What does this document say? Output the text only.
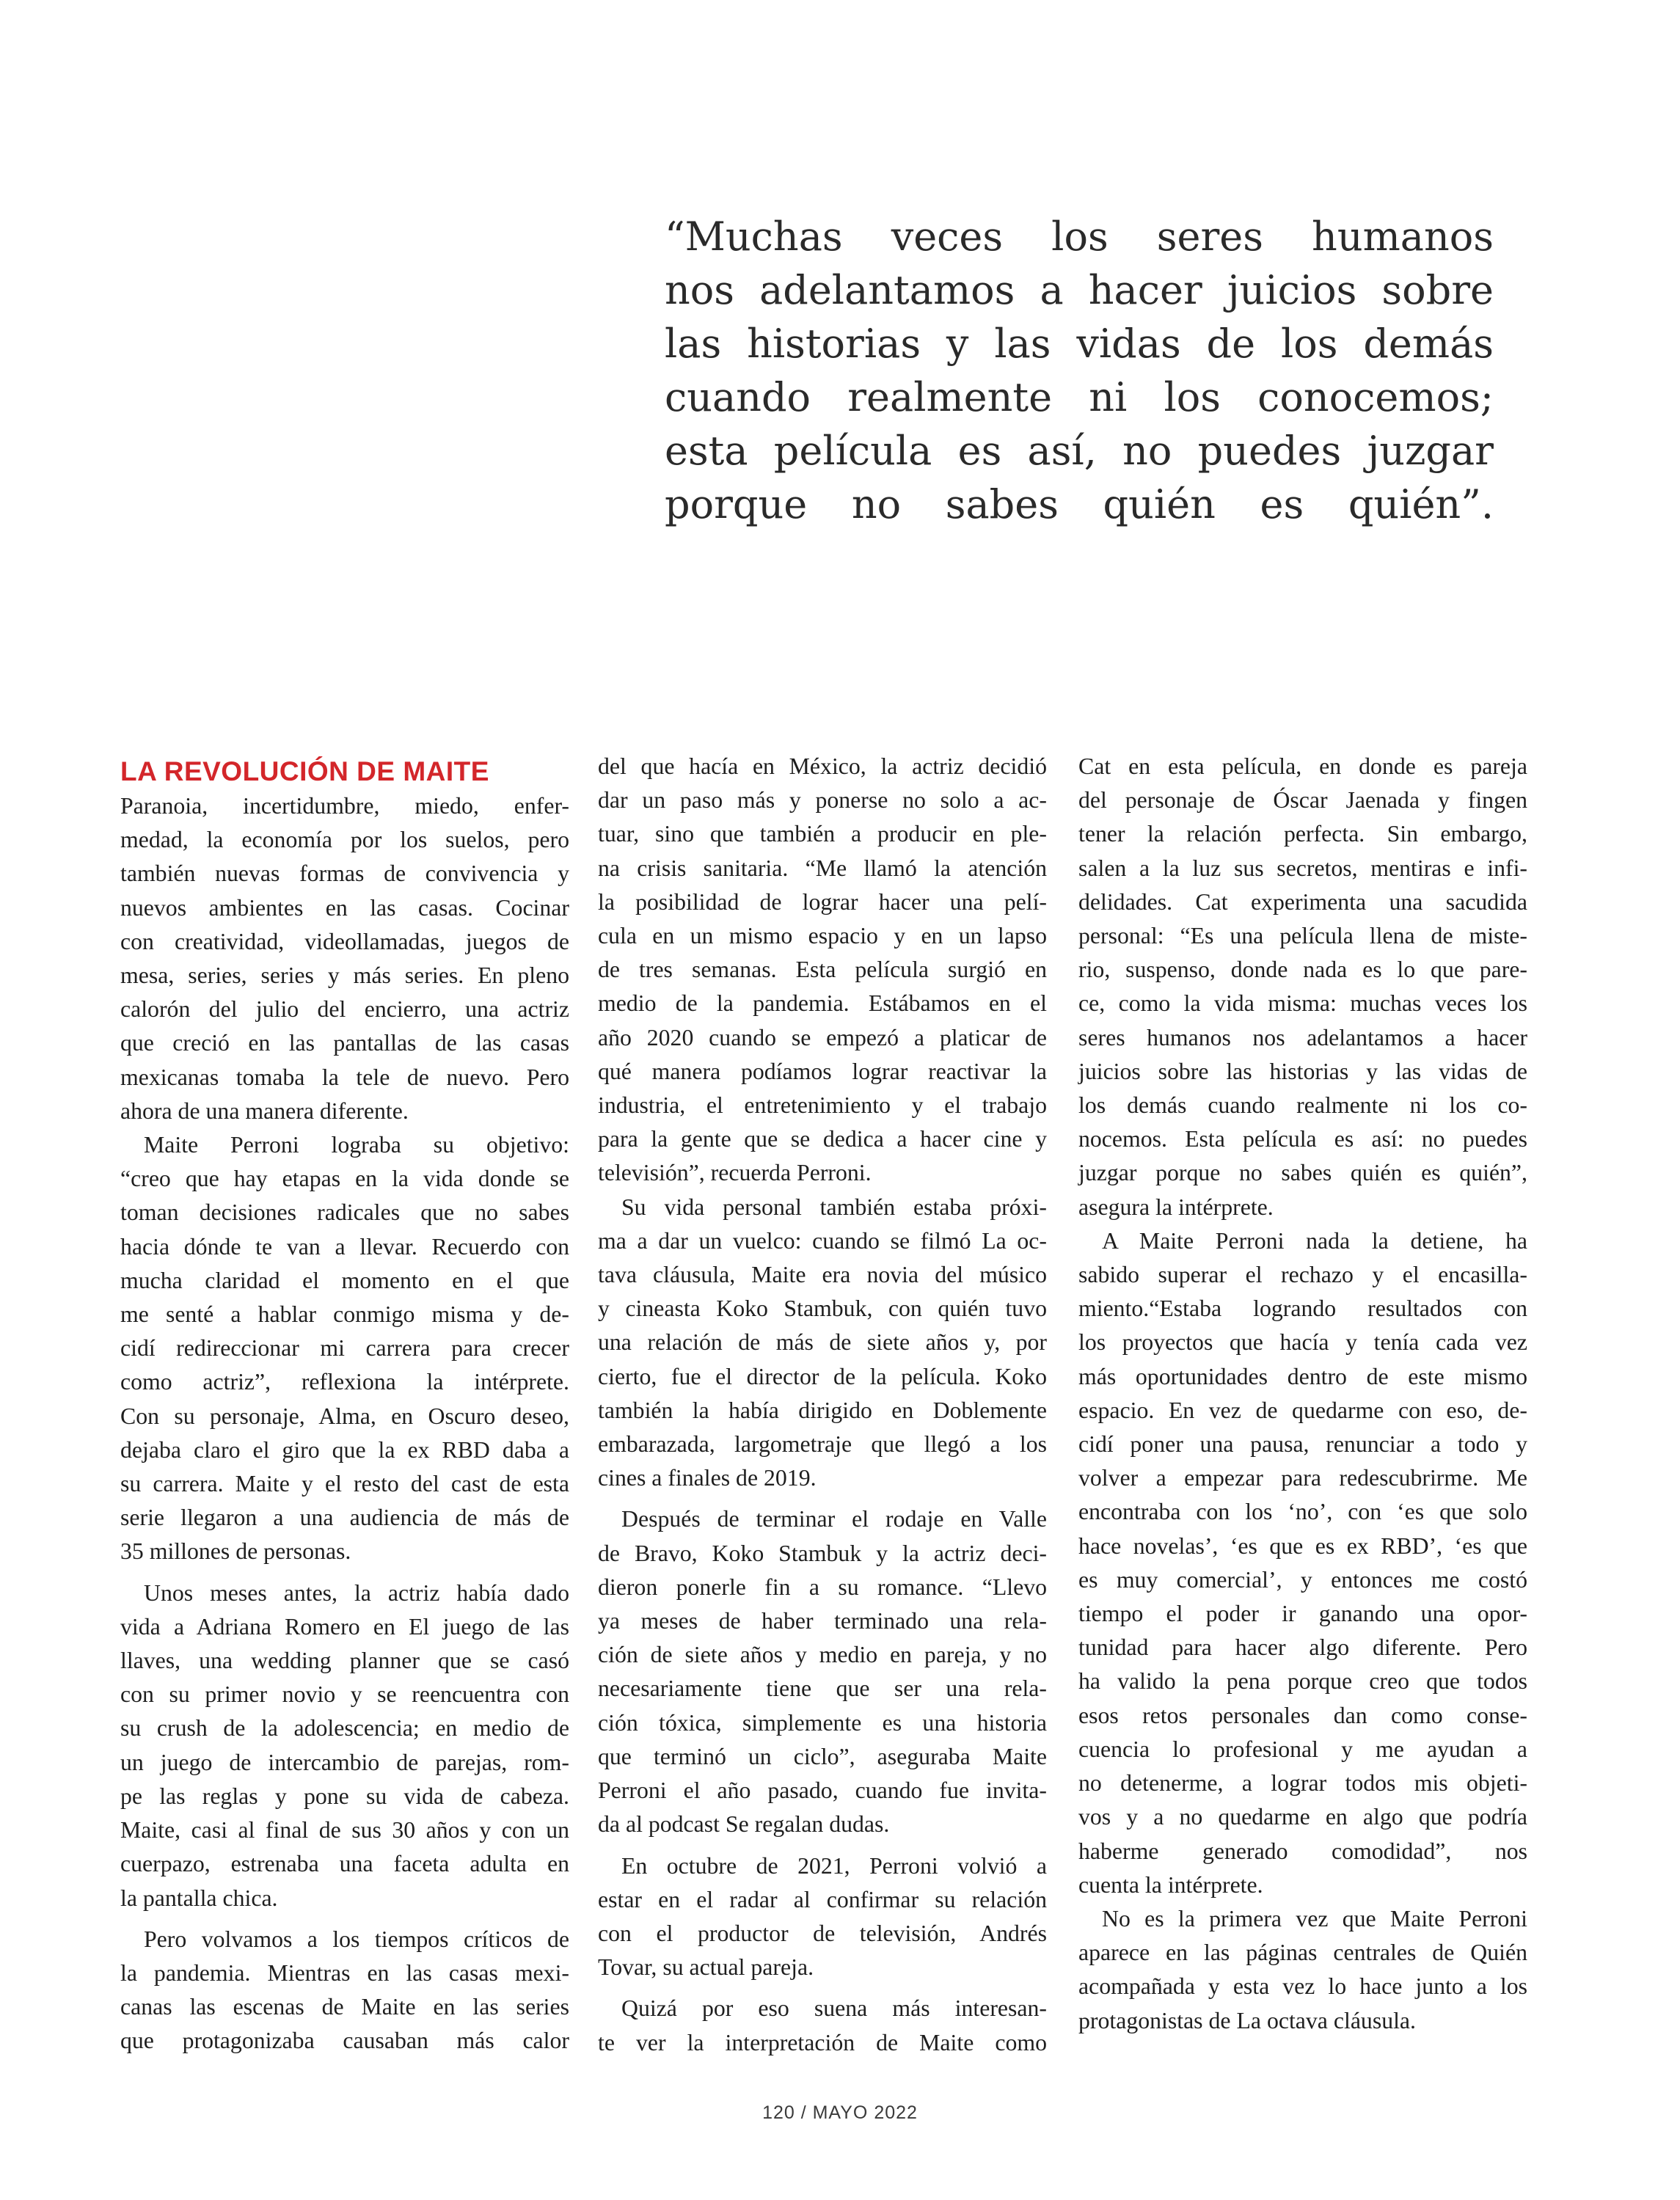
“Muchas veces los seres humanos
nos adelantamos a hacer juicios sobre
las historias y las vidas de los demás
cuando realmente ni los conocemos;
esta película es así, no puedes juzgar
porque no sabes quién es quién”.
LA REVOLUCIÓN DE MAITE
Paranoia, incertidumbre, miedo, enfer-
medad, la economía por los suelos, pero
también nuevas formas de convivencia y
nuevos ambientes en las casas. Cocinar
con creatividad, videollamadas, juegos de
mesa, series, series y más series. En pleno
calorón del julio del encierro, una actriz
que creció en las pantallas de las casas
mexicanas tomaba la tele de nuevo. Pero
ahora de una manera diferente.
Maite Perroni lograba su objetivo:
“creo que hay etapas en la vida donde se
toman decisiones radicales que no sabes
hacia dónde te van a llevar. Recuerdo con
mucha claridad el momento en el que
me senté a hablar conmigo misma y de-
cidí redireccionar mi carrera para crecer
como actriz”, reflexiona la intérprete.
Con su personaje, Alma, en Oscuro deseo,
dejaba claro el giro que la ex RBD daba a
su carrera. Maite y el resto del cast de esta
serie llegaron a una audiencia de más de
35 millones de personas.
Unos meses antes, la actriz había dado
vida a Adriana Romero en El juego de las
llaves, una wedding planner que se casó
con su primer novio y se reencuentra con
su crush de la adolescencia; en medio de
un juego de intercambio de parejas, rom-
pe las reglas y pone su vida de cabeza.
Maite, casi al final de sus 30 años y con un
cuerpazo, estrenaba una faceta adulta en
la pantalla chica.
Pero volvamos a los tiempos críticos de
la pandemia. Mientras en las casas mexi-
canas las escenas de Maite en las series
que protagonizaba causaban más calor
del que hacía en México, la actriz decidió
dar un paso más y ponerse no solo a ac-
tuar, sino que también a producir en ple-
na crisis sanitaria. “Me llamó la atención
la posibilidad de lograr hacer una pelí-
cula en un mismo espacio y en un lapso
de tres semanas. Esta película surgió en
medio de la pandemia. Estábamos en el
año 2020 cuando se empezó a platicar de
qué manera podíamos lograr reactivar la
industria, el entretenimiento y el trabajo
para la gente que se dedica a hacer cine y
televisión”, recuerda Perroni.
Su vida personal también estaba próxi-
ma a dar un vuelco: cuando se filmó La oc-
tava cláusula, Maite era novia del músico
y cineasta Koko Stambuk, con quién tuvo
una relación de más de siete años y, por
cierto, fue el director de la película. Koko
también la había dirigido en Doblemente
embarazada, largometraje que llegó a los
cines a finales de 2019.
Después de terminar el rodaje en Valle
de Bravo, Koko Stambuk y la actriz deci-
dieron ponerle fin a su romance. “Llevo
ya meses de haber terminado una rela-
ción de siete años y medio en pareja, y no
necesariamente tiene que ser una rela-
ción tóxica, simplemente es una historia
que terminó un ciclo”, aseguraba Maite
Perroni el año pasado, cuando fue invita-
da al podcast Se regalan dudas.
En octubre de 2021, Perroni volvió a
estar en el radar al confirmar su relación
con el productor de televisión, Andrés
Tovar, su actual pareja.
Quizá por eso suena más interesan-
te ver la interpretación de Maite como
Cat en esta película, en donde es pareja
del personaje de Óscar Jaenada y fingen
tener la relación perfecta. Sin embargo,
salen a la luz sus secretos, mentiras e infi-
delidades. Cat experimenta una sacudida
personal: “Es una película llena de miste-
rio, suspenso, donde nada es lo que pare-
ce, como la vida misma: muchas veces los
seres humanos nos adelantamos a hacer
juicios sobre las historias y las vidas de
los demás cuando realmente ni los co-
nocemos. Esta película es así: no puedes
juzgar porque no sabes quién es quién”,
asegura la intérprete.
A Maite Perroni nada la detiene, ha
sabido superar el rechazo y el encasilla-
miento.“Estaba logrando resultados con
los proyectos que hacía y tenía cada vez
más oportunidades dentro de este mismo
espacio. En vez de quedarme con eso, de-
cidí poner una pausa, renunciar a todo y
volver a empezar para redescubrirme. Me
encontraba con los ‘no’, con ‘es que solo
hace novelas’, ‘es que es ex RBD’, ‘es que
es muy comercial’, y entonces me costó
tiempo el poder ir ganando una opor-
tunidad para hacer algo diferente. Pero
ha valido la pena porque creo que todos
esos retos personales dan como conse-
cuencia lo profesional y me ayudan a
no detenerme, a lograr todos mis objeti-
vos y a no quedarme en algo que podría
haberme generado comodidad”, nos
cuenta la intérprete.
No es la primera vez que Maite Perroni
aparece en las páginas centrales de Quién
acompañada y esta vez lo hace junto a los
protagonistas de La octava cláusula.
120 / MAYO 2022
